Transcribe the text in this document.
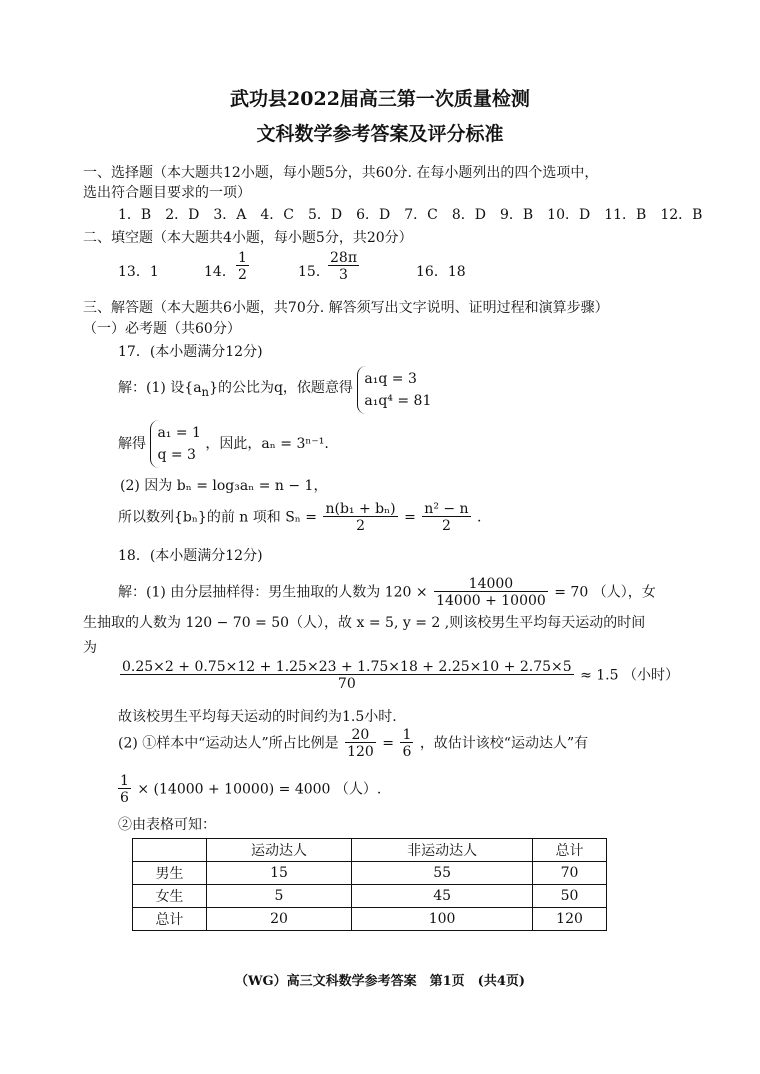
武功县2022届高三第一次质量检测
文科数学参考答案及评分标准
一、选择题（本大题共12小题，每小题5分，共60分. 在每小题列出的四个选项中，
选出符合题目要求的一项）
1．B　2．D　3．A　4．C　5．D　6．D　7．C　8．D　9．B　10．D　11．B　12．B
二、填空题（本大题共4小题，每小题5分，共20分）
13．1	14． $\frac{1}{2}$	15．
$\frac{28\pi}{3}$	16．18
三、解答题（本大题共6小题，共70分. 解答须写出文字说明、证明过程和演算步骤）
（一）必考题（共60分）
17．(本小题满分12分)
解：(1) 设$\{a_n\}$的公比为q，依题意得
a₁q = 3
a₁q⁴ = 81
解得
a₁ = 1
q = 3
，因此，aₙ = 3ⁿ⁻¹.
(2) 因为 bₙ = log₃aₙ = n − 1，
所以数列{bₙ}的前 n 项和 $S_n = \frac{\text{n(b₁ + bₙ)}}{2} = \frac{\text{n² − n}}{2}$ .
18．(本小题满分12分)
解：(1) 由分层抽样得：男生抽取的人数为 $120 \times \frac{14000}{14000 + 10000} = 70$ （人），女
生抽取的人数为 120 − 70 = 50（人），故 x = 5, y = 2 ,则该校男生平均每天运动的时间
为
$\frac{0.25\times 2 + 0.75\times 12 + 1.25\times 23 + 1.75\times 18 + 2.25\times 10 + 2.75\times 5}{70} \approx 1.5$ （小时）
故该校男生平均每天运动的时间约为1.5小时.
(2) ①样本中“运动达人”所占比例是 $\frac{20}{120} = \frac{1}{6}$ ，故估计该校“运动达人”有
$\frac{1}{6} \times (14000 + 10000) = 4000$ （人）.
②由表格可知：
	运动达人	非运动达人	总计
男生	15	55	70
女生	5	45	50
总计	20	100	120
（WG）高三文科数学参考答案　第1页　(共4页)
